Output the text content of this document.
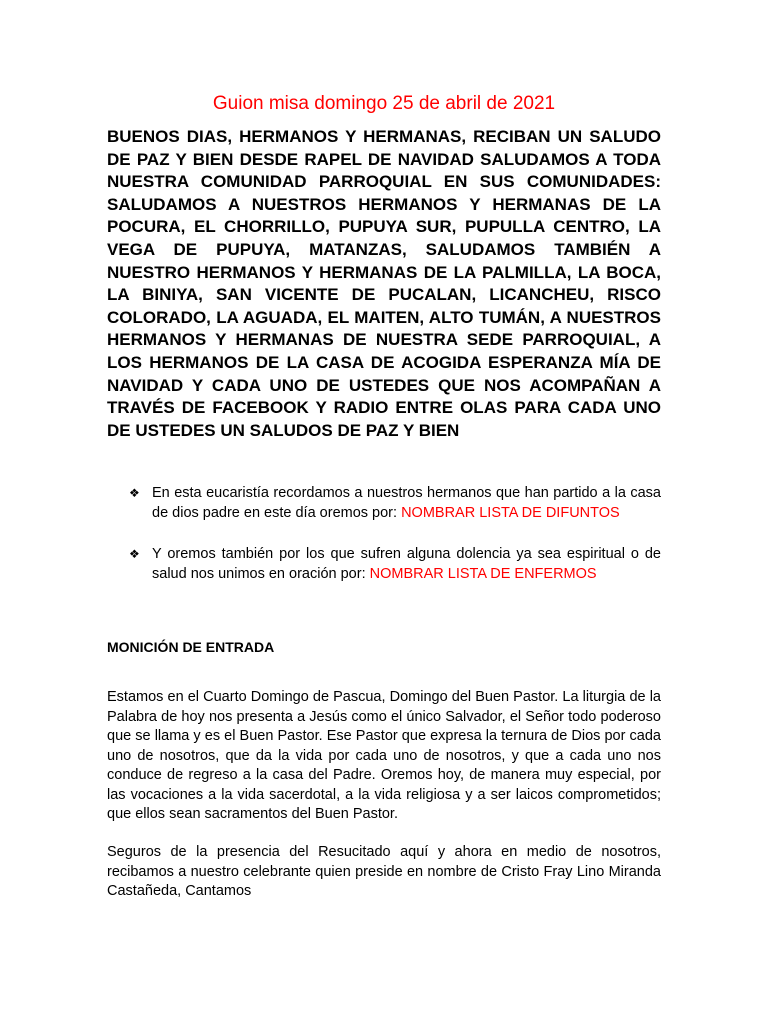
Guion misa domingo 25 de abril de 2021

BUENOS DIAS, HERMANOS Y HERMANAS, RECIBAN UN SALUDO DE PAZ Y BIEN DESDE RAPEL DE NAVIDAD SALUDAMOS A TODA NUESTRA COMUNIDAD PARROQUIAL EN SUS COMUNIDADES: SALUDAMOS A NUESTROS HERMANOS Y HERMANAS DE LA POCURA, EL CHORRILLO, PUPUYA SUR, PUPULLA CENTRO, LA VEGA DE PUPUYA, MATANZAS, SALUDAMOS TAMBIÉN A NUESTRO HERMANOS Y HERMANAS DE LA PALMILLA, LA BOCA, LA BINIYA, SAN VICENTE DE PUCALAN, LICANCHEU, RISCO COLORADO, LA AGUADA, EL MAITEN, ALTO TUMÁN, A NUESTROS HERMANOS Y HERMANAS DE NUESTRA SEDE PARROQUIAL, A LOS HERMANOS DE LA CASA DE ACOGIDA ESPERANZA MÍA DE NAVIDAD Y CADA UNO DE USTEDES QUE NOS ACOMPAÑAN A TRAVÉS DE FACEBOOK Y RADIO ENTRE OLAS PARA CADA UNO DE USTEDES UN SALUDOS DE PAZ Y BIEN

❖ En esta eucaristía recordamos a nuestros hermanos que han partido a la casa de dios padre en este día oremos por: NOMBRAR LISTA DE DIFUNTOS
❖ Y oremos también por los que sufren alguna dolencia ya sea espiritual o de salud nos unimos en oración por: NOMBRAR LISTA DE ENFERMOS
MONICIÓN DE ENTRADA

Estamos en el Cuarto Domingo de Pascua, Domingo del Buen Pastor. La liturgia de la Palabra de hoy nos presenta a Jesús como el único Salvador, el Señor todo poderoso que se llama y es el Buen Pastor. Ese Pastor que expresa la ternura de Dios por cada uno de nosotros, que da la vida por cada uno de nosotros, y que a cada uno nos conduce de regreso a la casa del Padre. Oremos hoy, de manera muy especial, por las vocaciones a la vida sacerdotal, a la vida religiosa y a ser laicos comprometidos; que ellos sean sacramentos del Buen Pastor.

Seguros de la presencia del Resucitado aquí y ahora en medio de nosotros, recibamos a nuestro celebrante quien preside en nombre de Cristo Fray Lino Miranda Castañeda, Cantamos
